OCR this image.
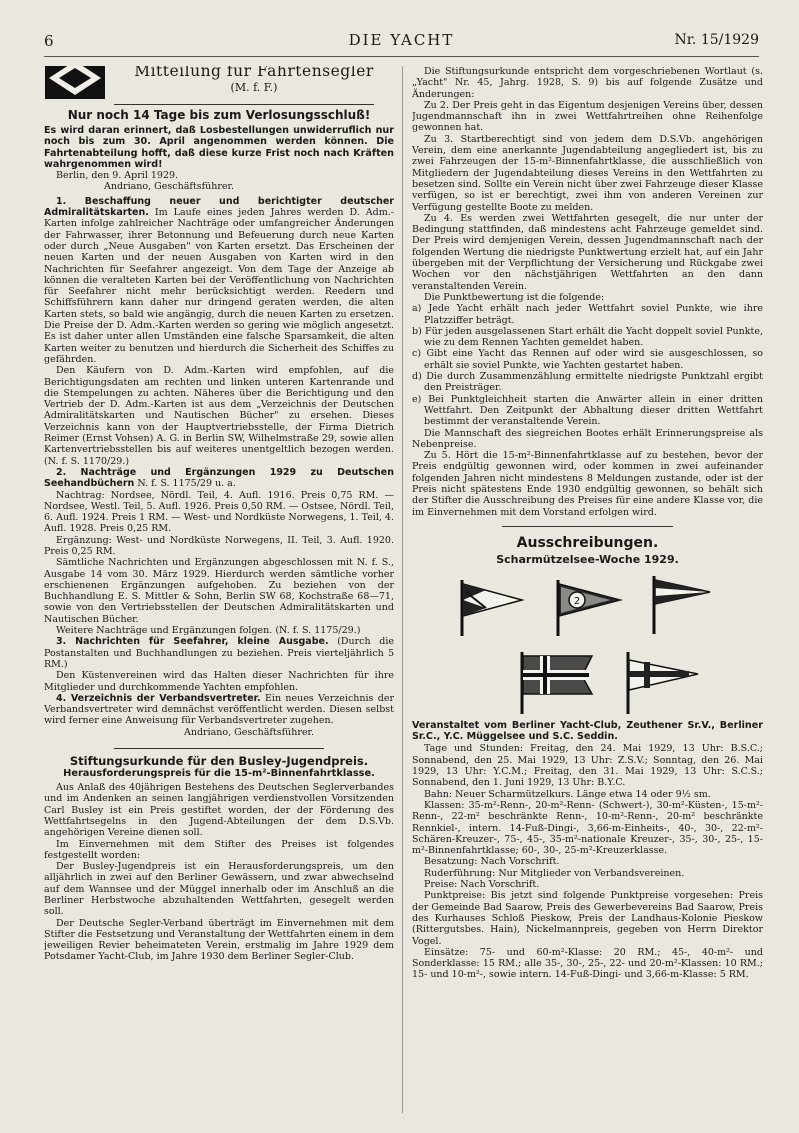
6	DIE YACHT	Nr. 15/1929
Mitteilung für Fahrtensegler
(M. f. F.)
Nur noch 14 Tage bis zum Verlosungsschluß!

Es wird daran erinnert, daß Losbestellungen unwiderruflich nur noch bis zum 30. April angenommen werden können. Die Fahrtenabteilung hofft, daß diese kurze Frist noch nach Kräften wahrgenommen wird!

Berlin, den 9. April 1929.

Andriano, Geschäftsführer.

1. Beschaffung neuer und berichtigter deutscher Admiralitätskarten. Im Laufe eines jeden Jahres werden D. Adm.-Karten infolge zahlreicher Nachträge oder umfangreicher Änderungen der Fahrwasser, ihrer Betonnung und Befeuerung durch neue Karten oder durch „Neue Ausgaben" von Karten ersetzt. Das Erscheinen der neuen Karten und der neuen Ausgaben von Karten wird in den Nachrichten für Seefahrer angezeigt. Von dem Tage der Anzeige ab können die veralteten Karten bei der Veröffentlichung von Nachrichten für Seefahrer nicht mehr berücksichtigt werden. Reedern und Schiffsführern kann daher nur dringend geraten werden, die alten Karten stets, so bald wie angängig, durch die neuen Karten zu ersetzen. Die Preise der D. Adm.-Karten werden so gering wie möglich angesetzt. Es ist daher unter allen Umständen eine falsche Sparsamkeit, die alten Karten weiter zu benutzen und hierdurch die Sicherheit des Schiffes zu gefährden.

Den Käufern von D. Adm.-Karten wird empfohlen, auf die Berichtigungsdaten am rechten und linken unteren Kartenrande und die Stempelungen zu achten. Näheres über die Berichtigung und den Vertrieb der D. Adm.-Karten ist aus dem „Verzeichnis der Deutschen Admiralitätskarten und Nautischen Bücher" zu ersehen. Dieses Verzeichnis kann von der Hauptvertriebsstelle, der Firma Dietrich Reimer (Ernst Vohsen) A. G. in Berlin SW, Wilhelmstraße 29, sowie allen Kartenvertriebsstellen bis auf weiteres unentgeltlich bezogen werden. (N. f. S. 1170/29.)

2. Nachträge und Ergänzungen 1929 zu Deutschen Seehandbüchern N. f. S. 1175/29 u. a.

Nachtrag: Nordsee, Nördl. Teil, 4. Aufl. 1916. Preis 0,75 RM. — Nordsee, Westl. Teil, 5. Aufl. 1926. Preis 0,50 RM. — Ostsee, Nördl. Teil, 6. Aufl. 1924. Preis 1 RM. — West- und Nordküste Norwegens, 1. Teil, 4. Aufl. 1928. Preis 0,25 RM.

Ergänzung: West- und Nordküste Norwegens, II. Teil, 3. Aufl. 1920. Preis 0,25 RM.

Sämtliche Nachrichten und Ergänzungen abgeschlossen mit N. f. S., Ausgabe 14 vom 30. März 1929. Hierdurch werden sämtliche vorher erschienenen Ergänzungen aufgehoben. Zu beziehen von der Buchhandlung E. S. Mittler & Sohn, Berlin SW 68, Kochstraße 68—71, sowie von den Vertriebsstellen der Deutschen Admiralitätskarten und Nautischen Bücher.

Weitere Nachträge und Ergänzungen folgen. (N. f. S. 1175/29.)

3. Nachrichten für Seefahrer, kleine Ausgabe. (Durch die Postanstalten und Buchhandlungen zu beziehen. Preis vierteljährlich 5 RM.)

Den Küstenvereinen wird das Halten dieser Nachrichten für ihre Mitglieder und durchkommende Yachten empfohlen.

4. Verzeichnis der Verbandsvertreter. Ein neues Verzeichnis der Verbandsvertreter wird demnächst veröffentlicht werden. Diesen selbst wird ferner eine Anweisung für Verbandsvertreter zugehen.

Andriano, Geschäftsführer.

Stiftungsurkunde für den Busley-Jugendpreis.
Herausforderungspreis für die 15-m²-Binnenfahrtklasse.

Aus Anlaß des 40jährigen Bestehens des Deutschen Seglerverbandes und im Andenken an seinen langjährigen verdienstvollen Vorsitzenden Carl Busley ist ein Preis gestiftet worden, der der Förderung des Wettfahrtsegelns in den Jugend-Abteilungen der dem D.S.Vb. angehörigen Vereine dienen soll.

Im Einvernehmen mit dem Stifter des Preises ist folgendes festgestellt worden:

Der Busley-Jugendpreis ist ein Herausforderungspreis, um den alljährlich in zwei auf den Berliner Gewässern, und zwar abwechselnd auf dem Wannsee und der Müggel innerhalb oder im Anschluß an die Berliner Herbstwoche abzuhaltenden Wettfahrten, gesegelt werden soll.

Der Deutsche Segler-Verband überträgt im Einvernehmen mit dem Stifter die Festsetzung und Veranstaltung der Wettfahrten einem in dem jeweiligen Revier beheimateten Verein, erstmalig im Jahre 1929 dem Potsdamer Yacht-Club, im Jahre 1930 dem Berliner Segler-Club.

Die Stiftungsurkunde entspricht dem vorgeschriebenen Wortlaut (s. „Yacht" Nr. 45, Jahrg. 1928, S. 9) bis auf folgende Zusätze und Änderungen:

Zu 2. Der Preis geht in das Eigentum desjenigen Vereins über, dessen Jugendmannschaft ihn in zwei Wettfahrtreihen ohne Reihenfolge gewonnen hat.

Zu 3. Startberechtigt sind von jedem dem D.S.Vb. angehörigen Verein, dem eine anerkannte Jugendabteilung angegliedert ist, bis zu zwei Fahrzeugen der 15-m²-Binnenfahrtklasse, die ausschließlich von Mitgliedern der Jugendabteilung dieses Vereins in den Wettfahrten zu besetzen sind. Sollte ein Verein nicht über zwei Fahrzeuge dieser Klasse verfügen, so ist er berechtigt, zwei ihm von anderen Vereinen zur Verfügung gestellte Boote zu melden.

Zu 4. Es werden zwei Wettfahrten gesegelt, die nur unter der Bedingung stattfinden, daß mindestens acht Fahrzeuge gemeldet sind. Der Preis wird demjenigen Verein, dessen Jugendmannschaft nach der folgenden Wertung die niedrigste Punktwertung erzielt hat, auf ein Jahr übergeben mit der Verpflichtung der Versicherung und Rückgabe zwei Wochen vor den nächstjährigen Wettfahrten an den dann veranstaltenden Verein.

Die Punktbewertung ist die folgende:

a) Jede Yacht erhält nach jeder Wettfahrt soviel Punkte, wie ihre Platzziffer beträgt.

b) Für jeden ausgelassenen Start erhält die Yacht doppelt soviel Punkte, wie zu dem Rennen Yachten gemeldet haben.

c) Gibt eine Yacht das Rennen auf oder wird sie ausgeschlossen, so erhält sie soviel Punkte, wie Yachten gestartet haben.

d) Die durch Zusammenzählung ermittelte niedrigste Punktzahl ergibt den Preisträger.

e) Bei Punktgleichheit starten die Anwärter allein in einer dritten Wettfahrt. Den Zeitpunkt der Abhaltung dieser dritten Wettfahrt bestimmt der veranstaltende Verein.

Die Mannschaft des siegreichen Bootes erhält Erinnerungspreise als Nebenpreise.

Zu 5. Hört die 15-m²-Binnenfahrtklasse auf zu bestehen, bevor der Preis endgültig gewonnen wird, oder kommen in zwei aufeinander folgenden Jahren nicht mindestens 8 Meldungen zustande, oder ist der Preis nicht spätestens Ende 1930 endgültig gewonnen, so behält sich der Stifter die Ausschreibung des Preises für eine andere Klasse vor, die im Einvernehmen mit dem Vorstand erfolgen wird.

Ausschreibungen.
Scharmützelsee-Woche 1929.
2

Veranstaltet vom Berliner Yacht-Club, Zeuthener Sr.V., Berliner Sr.C., Y.C. Müggelsee und S.C. Seddin.

Tage und Stunden: Freitag, den 24. Mai 1929, 13 Uhr: B.S.C.; Sonnabend, den 25. Mai 1929, 13 Uhr: Z.S.V.; Sonntag, den 26. Mai 1929, 13 Uhr: Y.C.M.; Freitag, den 31. Mai 1929, 13 Uhr: S.C.S.; Sonnabend, den 1. Juni 1929, 13 Uhr: B.Y.C.

Bahn: Neuer Scharmützelkurs. Länge etwa 14 oder 9½ sm.

Klassen: 35-m²-Renn-, 20-m²-Renn- (Schwert-), 30-m²-Küsten-, 15-m²-Renn-, 22-m² beschränkte Renn-, 10-m²-Renn-, 20-m² beschränkte Rennkiel-, intern. 14-Fuß-Dingi-, 3,66-m-Einheits-, 40-, 30-, 22-m²-Schären-Kreuzer-, 75-, 45-, 35-m²-nationale Kreuzer-, 35-, 30-, 25-, 15-m²-Binnenfahrtklasse; 60-, 30-, 25-m²-Kreuzerklasse.

Besatzung: Nach Vorschrift.

Ruderführung: Nur Mitglieder von Verbandsvereinen.

Preise: Nach Vorschrift.

Punktpreise: Bis jetzt sind folgende Punktpreise vorgesehen: Preis der Gemeinde Bad Saarow, Preis des Gewerbevereins Bad Saarow, Preis des Kurhauses Schloß Pieskow, Preis der Landhaus-Kolonie Pieskow (Rittergutsbes. Hain), Nickelmannpreis, gegeben von Herrn Direktor Vogel.

Einsätze: 75- und 60-m²-Klasse: 20 RM.; 45-, 40-m²- und Sonderklasse: 15 RM.; alle 35-, 30-, 25-, 22- und 20-m²-Klassen: 10 RM.; 15- und 10-m²-, sowie intern. 14-Fuß-Dingi- und 3,66-m-Klasse: 5 RM.
